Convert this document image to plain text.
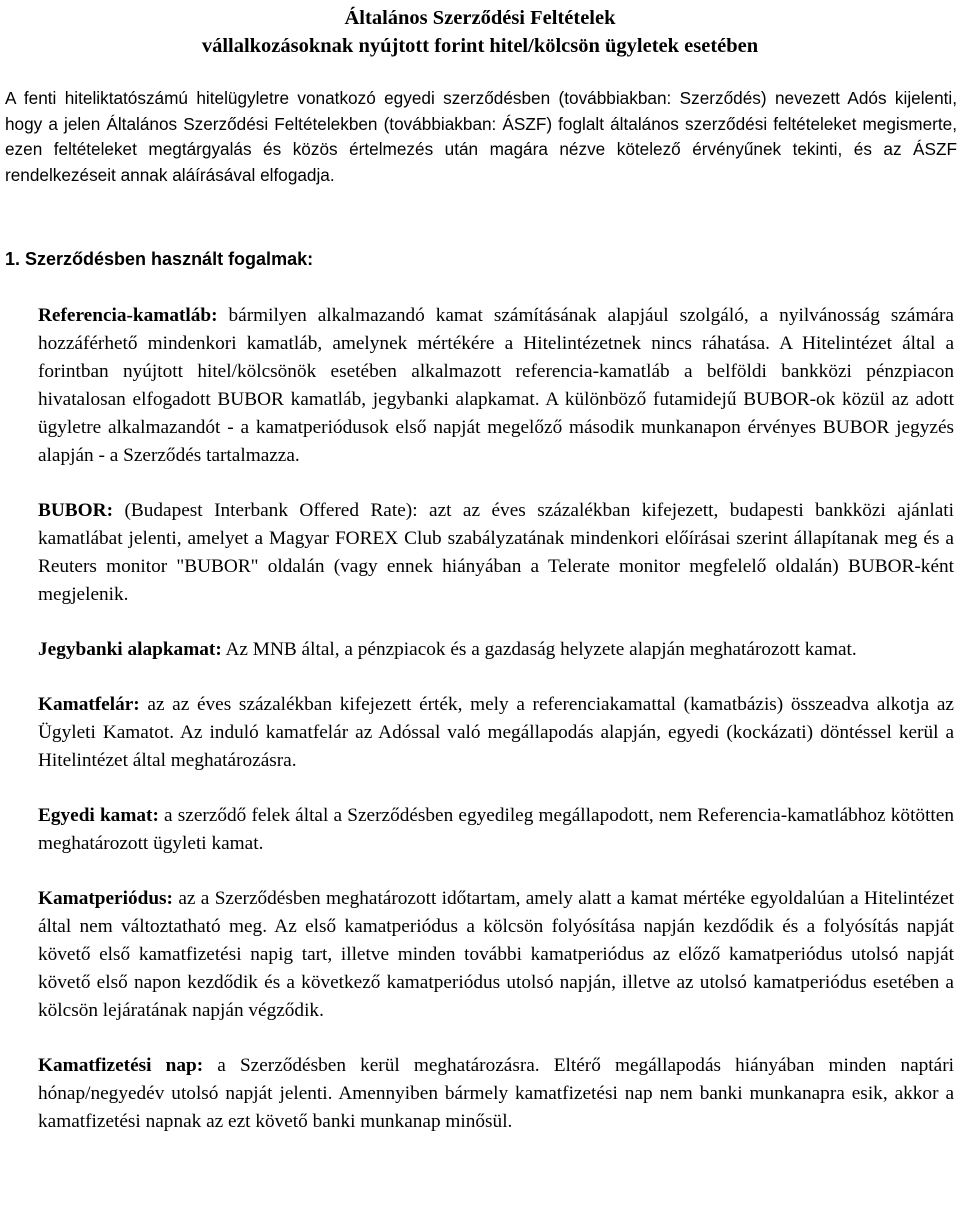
Általános Szerződési Feltételek

vállalkozásoknak nyújtott forint hitel/kölcsön ügyletek esetében

A fenti hiteliktatószámú hitelügyletre vonatkozó egyedi szerződésben (továbbiakban: Szerződés) nevezett Adós kijelenti, hogy a jelen Általános Szerződési Feltételekben (továbbiakban: ÁSZF) foglalt általános szerződési feltételeket megismerte, ezen feltételeket megtárgyalás és közös értelmezés után magára nézve kötelező érvényűnek tekinti, és az ÁSZF rendelkezéseit annak aláírásával elfogadja.

1. Szerződésben használt fogalmak:

Referencia-kamatláb: bármilyen alkalmazandó kamat számításának alapjául szolgáló, a nyilvánosság számára hozzáférhető mindenkori kamatláb, amelynek mértékére a Hitelintézetnek nincs ráhatása. A Hitelintézet által a forintban nyújtott hitel/kölcsönök esetében alkalmazott referencia-kamatláb a belföldi bankközi pénzpiacon hivatalosan elfogadott BUBOR kamatláb, jegybanki alapkamat. A különböző futamidejű BUBOR-ok közül az adott ügyletre alkalmazandót - a kamatperiódusok első napját megelőző második munkanapon érvényes BUBOR jegyzés alapján - a Szerződés tartalmazza.

BUBOR: (Budapest Interbank Offered Rate): azt az éves százalékban kifejezett, budapesti bankközi ajánlati kamatlábat jelenti, amelyet a Magyar FOREX Club szabályzatának mindenkori előírásai szerint állapítanak meg és a Reuters monitor "BUBOR" oldalán (vagy ennek hiányában a Telerate monitor megfelelő oldalán) BUBOR-ként megjelenik.

Jegybanki alapkamat: Az MNB által, a pénzpiacok és a gazdaság helyzete alapján meghatározott kamat.

Kamatfelár: az az éves százalékban kifejezett érték, mely a referenciakamattal (kamatbázis) összeadva alkotja az Ügyleti Kamatot. Az induló kamatfelár az Adóssal való megállapodás alapján, egyedi (kockázati) döntéssel kerül a Hitelintézet által meghatározásra.

Egyedi kamat: a szerződő felek által a Szerződésben egyedileg megállapodott, nem Referencia-kamatlábhoz kötötten meghatározott ügyleti kamat.

Kamatperiódus: az a Szerződésben meghatározott időtartam, amely alatt a kamat mértéke egyoldalúan a Hitelintézet által nem változtatható meg. Az első kamatperiódus a kölcsön folyósítása napján kezdődik és a folyósítás napját követő első kamatfizetési napig tart, illetve minden további kamatperiódus az előző kamatperiódus utolsó napját követő első napon kezdődik és a következő kamatperiódus utolsó napján, illetve az utolsó kamatperiódus esetében a kölcsön lejáratának napján végződik.

Kamatfizetési nap: a Szerződésben kerül meghatározásra. Eltérő megállapodás hiányában minden naptári hónap/negyedév utolsó napját jelenti. Amennyiben bármely kamatfizetési nap nem banki munkanapra esik, akkor a kamatfizetési napnak az ezt követő banki munkanap minősül.
